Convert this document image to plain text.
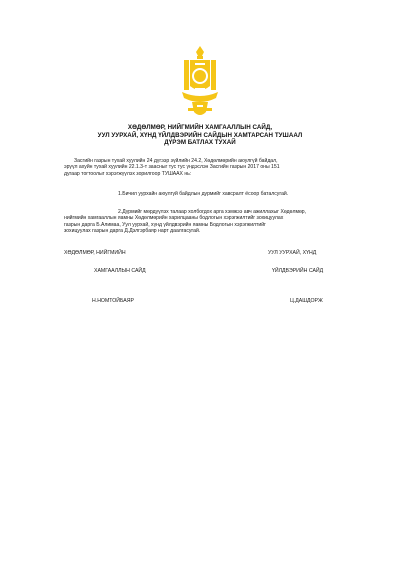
ХӨДӨЛМӨР, НИЙГМИЙН ХАМГААЛЛЫН САЙД,
УУЛ УУРХАЙ, ХҮНД ҮЙЛДВЭРИЙН САЙДЫН ХАМТАРСАН ТУШААЛ
ДҮРЭМ БАТЛАХ ТУХАЙ
Засгийн газрын тухай хуулийн 24 дүгээр зүйлийн 24.2, Хөдөлмөрийн аюулгүй байдал,
эрүүл ахуйн тухай хуулийн 22.1.3-т заасныг тус тус үндэслэн Засгийн газрын 2017 оны 151
дугаар тогтоолыг хэрэгжүүлэх зорилгоор ТУШААХ нь:
1.Бичил уурхайн аюулгүй байдлын дүрмийг хавсралт ёсоор баталсугай.
2.Дүрмийг мөрдүүлэх талаар холбогдох арга хэмжээ авч ажиллахыг Хөдөлмөр,
нийгмийн хамгааллын яамны Хөдөлмөрийн харилцааны бодлогын хэрэгжилтийг зохицуулах
газрын дарга Б.Алимаа, Уул уурхай, хүнд үйлдвэрийн яамны Бодлогын хэрэгжилтийг
зохицуулах газрын дарга Д.Дэлгэрбаяр нарт даалгасугай.
ХӨДӨЛМӨР, НИЙГМИЙН
ХАМГААЛЛЫН САЙД
Н.НОМТОЙБАЯР
УУЛ УУРХАЙ, ХҮНД
ҮЙЛДВЭРИЙН САЙД
Ц.ДАШДОРЖ
